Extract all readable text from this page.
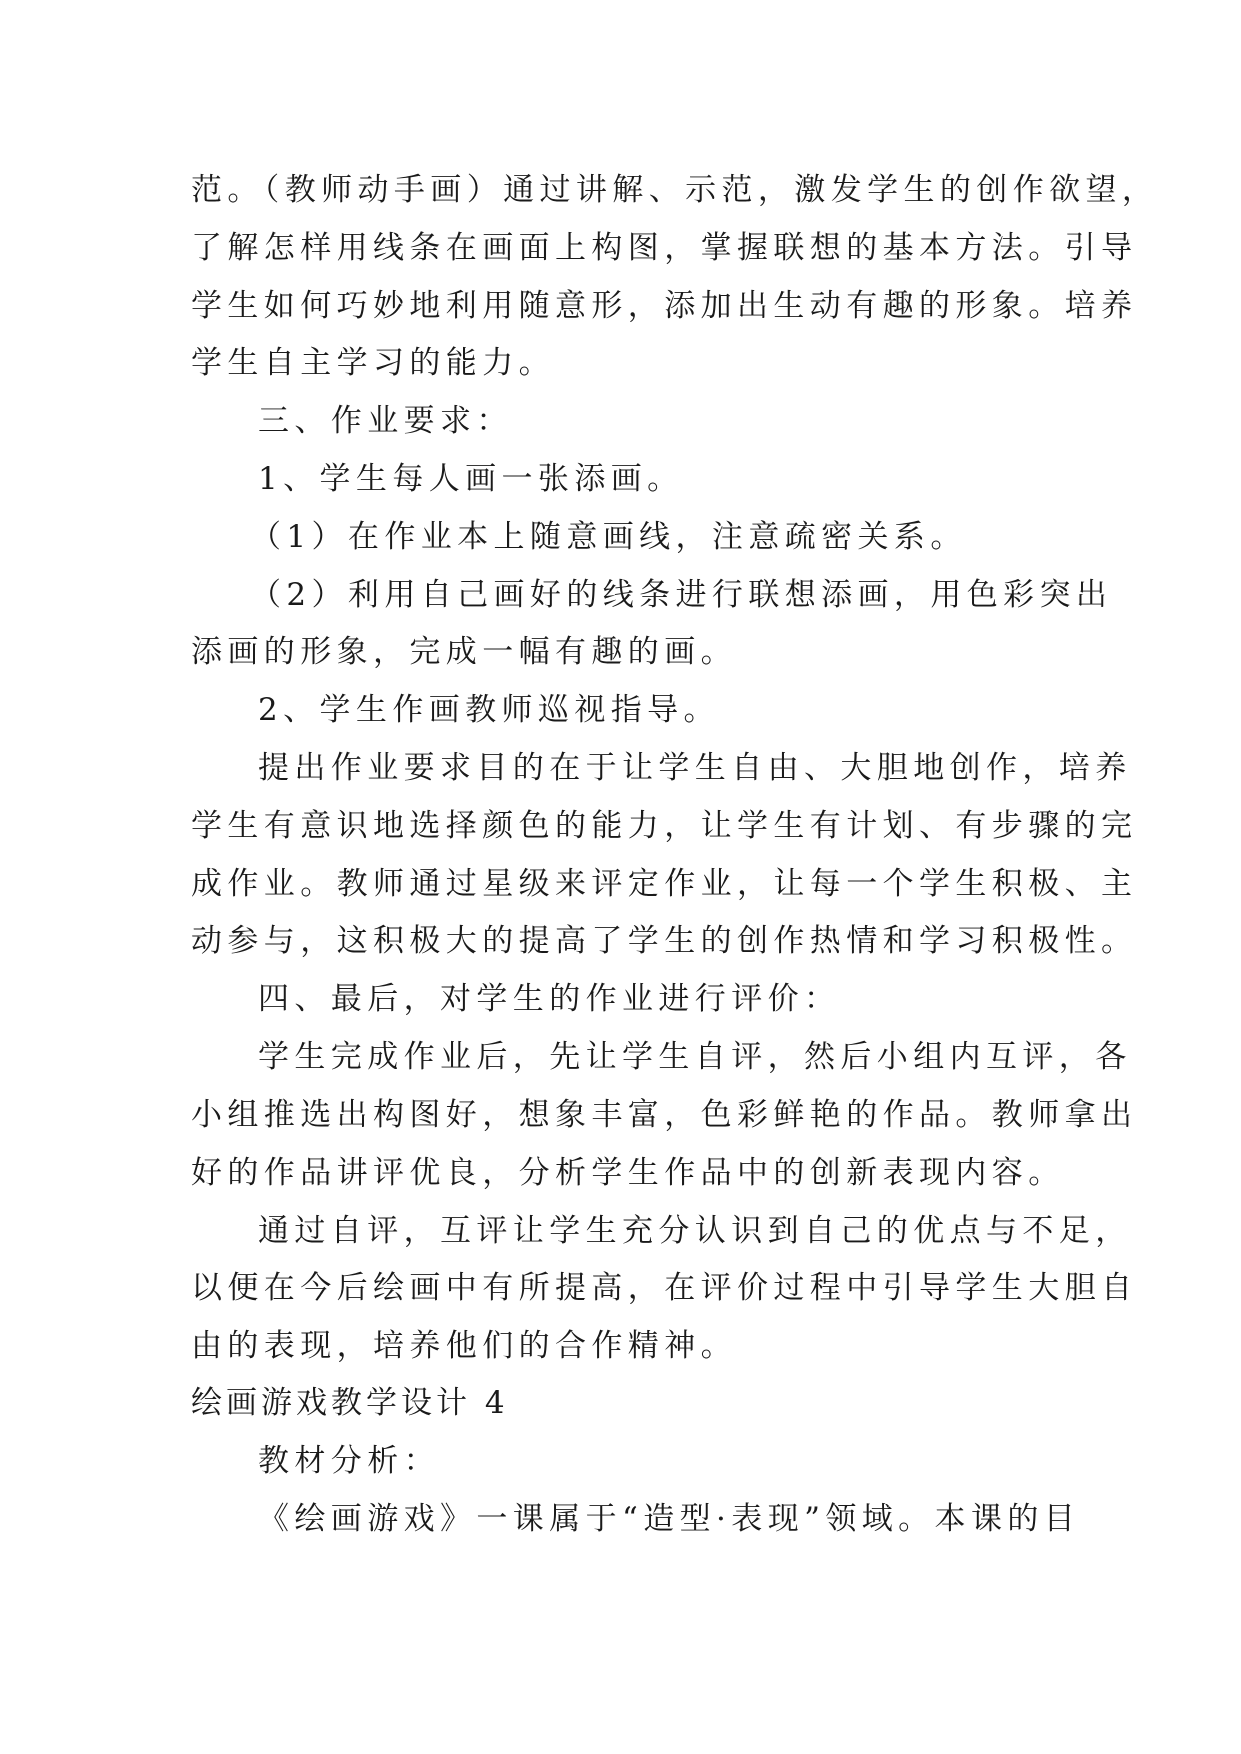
范。（教师动手画）通过讲解、示范，激发学生的创作欲望，
了解怎样用线条在画面上构图，掌握联想的基本方法。引导
学生如何巧妙地利用随意形，添加出生动有趣的形象。培养
学生自主学习的能力。
三、作业要求：
1、学生每人画一张添画。
（1）在作业本上随意画线，注意疏密关系。
（2）利用自己画好的线条进行联想添画，用色彩突出
添画的形象，完成一幅有趣的画。
2、学生作画教师巡视指导。
提出作业要求目的在于让学生自由、大胆地创作，培养
学生有意识地选择颜色的能力，让学生有计划、有步骤的完
成作业。教师通过星级来评定作业，让每一个学生积极、主
动参与，这积极大的提高了学生的创作热情和学习积极性。
四、最后，对学生的作业进行评价：
学生完成作业后，先让学生自评，然后小组内互评，各
小组推选出构图好，想象丰富，色彩鲜艳的作品。教师拿出
好的作品讲评优良，分析学生作品中的创新表现内容。
通过自评，互评让学生充分认识到自己的优点与不足，
以便在今后绘画中有所提高，在评价过程中引导学生大胆自
由的表现，培养他们的合作精神。
绘画游戏教学设计 4
教材分析：
《绘画游戏》一课属于“造型·表现”领域。本课的目
